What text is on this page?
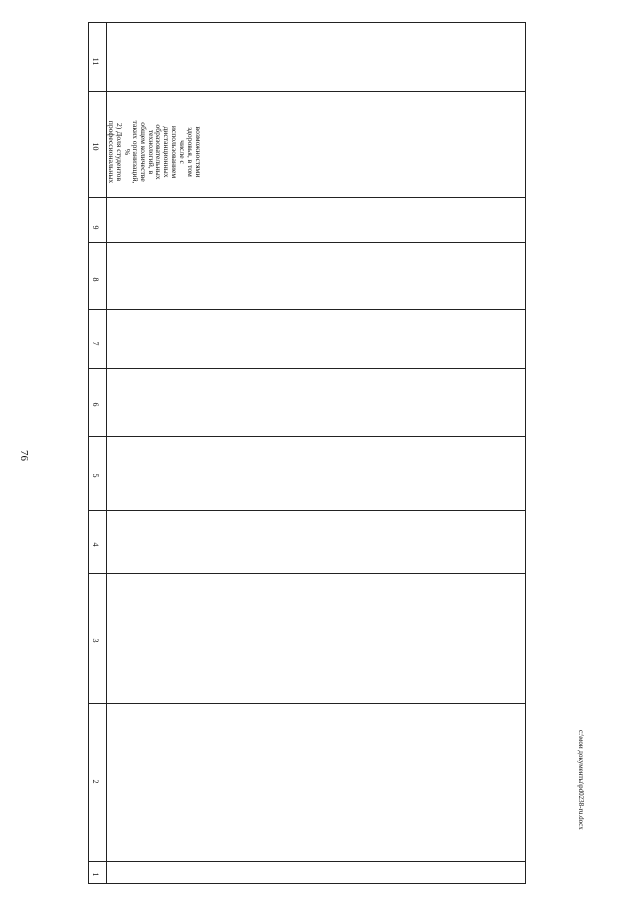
76
11
10
9
8
7
6
5
4
3
2
1
возможностями
здоровья, в том
числе с
использованием
дистанционных
образовательных
технологий, в
общем количестве
таких организаций,
%
2) Доля студентов
профессиональных

c:\мои документы\pd0238-ru.docx
